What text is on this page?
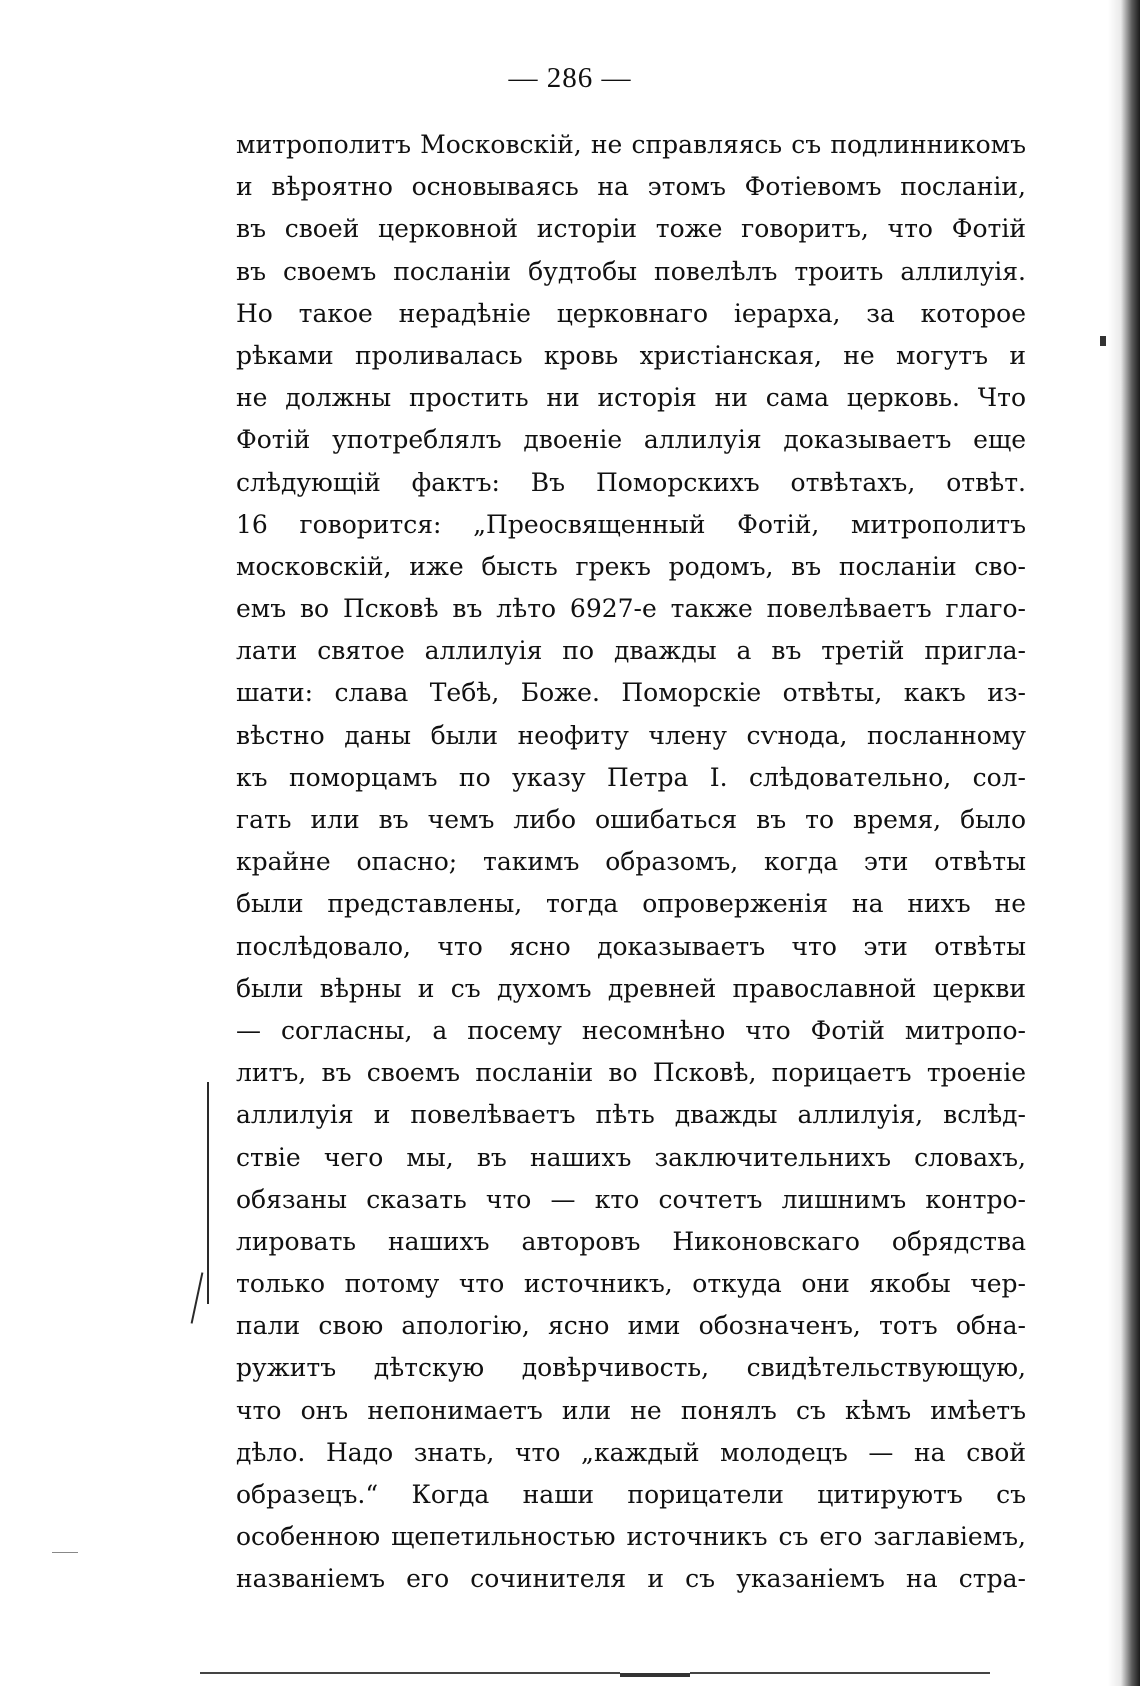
— 286 —
митрополитъ Московскій, не справляясь съ подлинникомъ
и вѣроятно основываясь на этомъ Фотіевомъ посланіи,
въ своей церковной исторіи тоже говоритъ, что Фотій
въ своемъ посланіи будтобы повелѣлъ троить аллилуія.
Но такое нерадѣніе церковнаго іерарха, за которое
рѣками проливалась кровь христіанская, не могутъ и
не должны простить ни исторія ни сама церковь. Что
Фотій употреблялъ двоеніе аллилуія доказываетъ еще
слѣдующій фактъ: Въ Поморскихъ отвѣтахъ, отвѣт.
16 говорится: „Преосвященный Фотій, митрополитъ
московскій, иже бысть грекъ родомъ, въ посланіи сво-
емъ во Псковѣ въ лѣто 6927-е также повелѣваетъ глаго-
лати святое аллилуія по дважды а въ третій пригла-
шати: слава Тебѣ, Боже. Поморскіе отвѣты, какъ из-
вѣстно даны были неофиту члену сѵнода, посланному
къ поморцамъ по указу Петра І. слѣдовательно, сол-
гать или въ чемъ либо ошибаться въ то время, было
крайне опасно; такимъ образомъ, когда эти отвѣты
были представлены, тогда опроверженія на нихъ не
послѣдовало, что ясно доказываетъ что эти отвѣты
были вѣрны и съ духомъ древней православной церкви
— согласны, а посему несомнѣно что Фотій митропо-
литъ, въ своемъ посланіи во Псковѣ, порицаетъ троеніе
аллилуія и повелѣваетъ пѣть дважды аллилуія, вслѣд-
ствіе чего мы, въ нашихъ заключительнихъ словахъ,
обязаны сказать что — кто сочтетъ лишнимъ контро-
лировать нашихъ авторовъ Никоновскаго обрядства
только потому что источникъ, откуда они якобы чер-
пали свою апологію, ясно ими обозначенъ, тотъ обна-
ружитъ дѣтскую довѣрчивость, свидѣтельствующую,
что онъ непонимаетъ или не понялъ съ кѣмъ имѣетъ
дѣло. Надо знать, что „каждый молодецъ — на свой
образецъ.“ Когда наши порицатели цитируютъ съ
особенною щепетильностью источникъ съ его заглавіемъ,
названіемъ его сочинителя и съ указаніемъ на стра-
